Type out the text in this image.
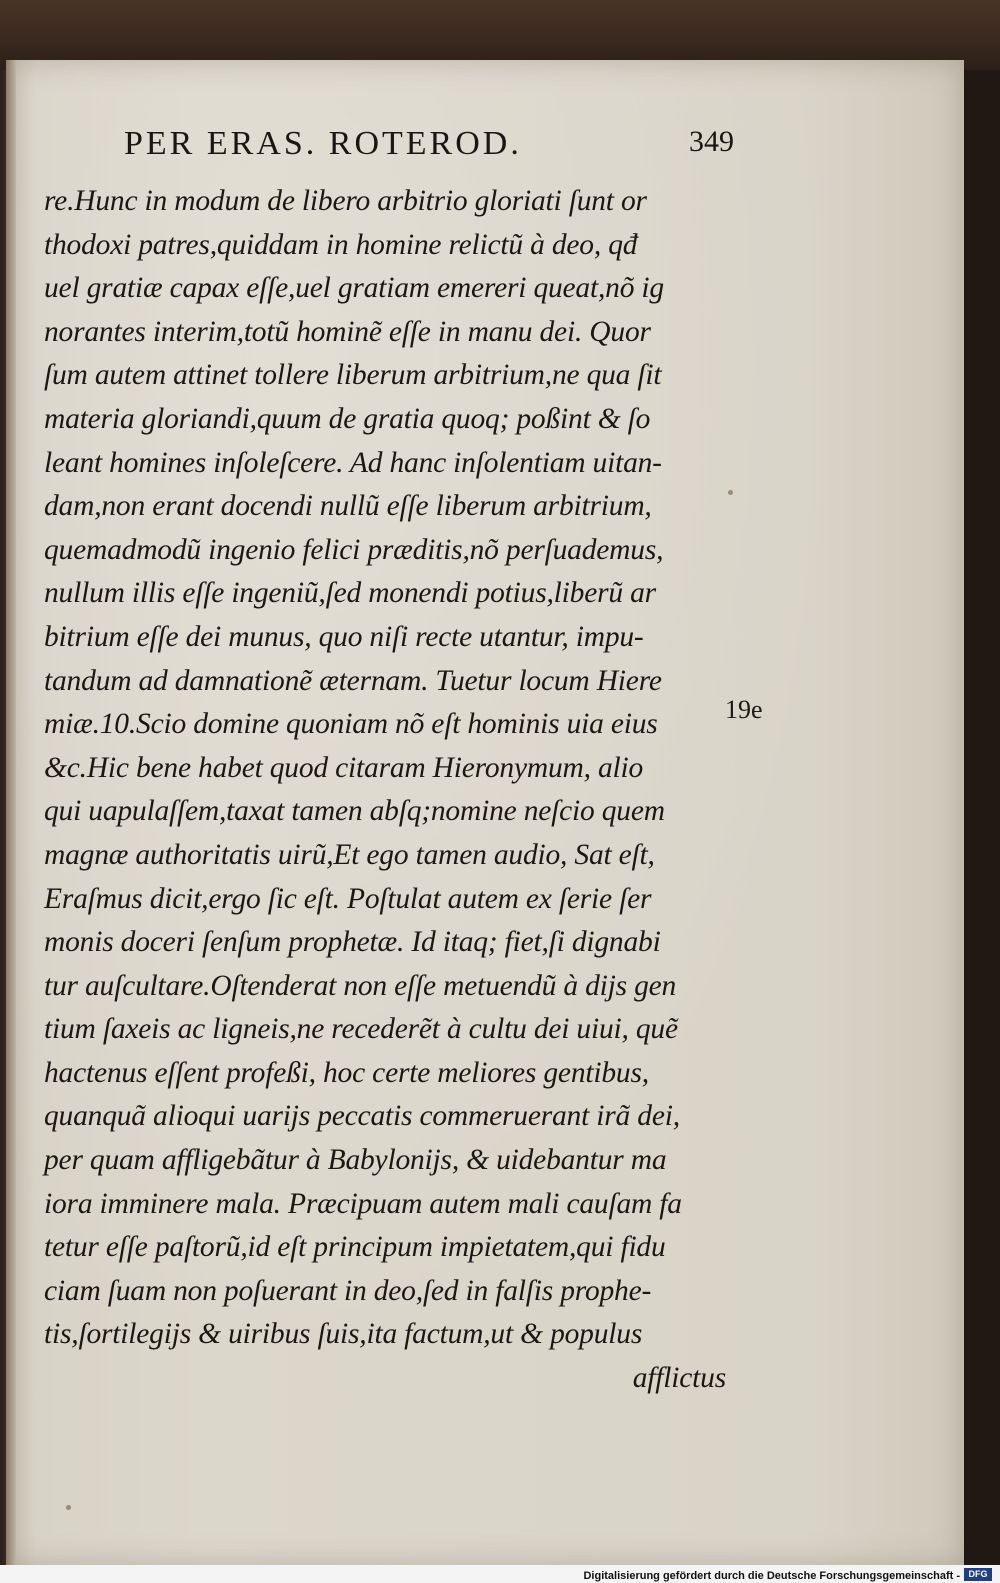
PER ERAS. ROTEROD.	349
re.Hunc in modum de libero arbitrio gloriati ſunt or
thodoxi patres,quiddam in homine relictũ à deo, qđ
uel gratiæ capax eſſe,uel gratiam emereri queat,nõ ig
norantes interim,totũ hominẽ eſſe in manu dei. Quor
ſum autem attinet tollere liberum arbitrium,ne qua ſit
materia gloriandi,quum de gratia quoq; poßint & ſo
leant homines inſoleſcere. Ad hanc inſolentiam uitan-
dam,non erant docendi nullũ eſſe liberum arbitrium,
quemadmodũ ingenio felici præditis,nõ perſuademus,
nullum illis eſſe ingeniũ,ſed monendi potius,liberũ ar
bitrium eſſe dei munus, quo niſi recte utantur, impu-
tandum ad damnationẽ æternam. Tuetur locum Hiere
miæ.10.Scio domine quoniam nõ eſt hominis uia eius
&c.Hic bene habet quod citaram Hieronymum, alio
qui uapulaſſem,taxat tamen abſq;nomine neſcio quem
magnæ authoritatis uirũ,Et ego tamen audio, Sat eſt,
Eraſmus dicit,ergo ſic eſt. Poſtulat autem ex ſerie ſer
monis doceri ſenſum prophetæ. Id itaq; fiet,ſi dignabi
tur auſcultare.Oſtenderat non eſſe metuendũ à dijs gen
tium ſaxeis ac ligneis,ne recederẽt à cultu dei uiui, quẽ
hactenus eſſent profeßi, hoc certe meliores gentibus,
quanquã alioqui uarijs peccatis commeruerant irã dei,
per quam affligebãtur à Babylonijs, & uidebantur ma
iora imminere mala. Præcipuam autem mali cauſam fa
tetur eſſe paſtorũ,id eſt principum impietatem,qui fidu
ciam ſuam non poſuerant in deo,ſed in falſis prophe-
tis,ſortilegijs & uiribus ſuis,ita factum,ut & populus
afflictus
19e
Digitalisierung gefördert durch die Deutsche Forschungsgemeinschaft - DFG
